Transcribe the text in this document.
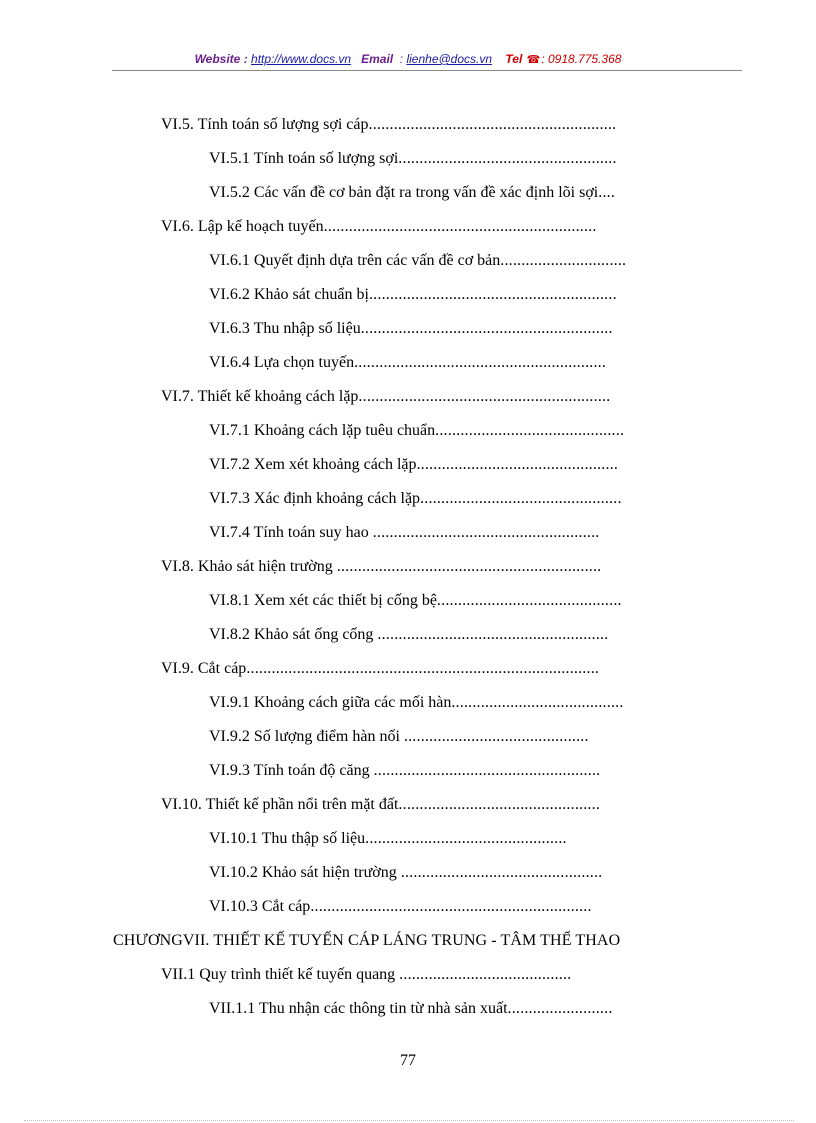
Website : http://www.docs.vn Email : lienhe@docs.vn Tel ☎: 0918.775.368
VI.5. Tính toán số lượng sợi cáp...........................................................
VI.5.1 Tính toán số lượng sợi....................................................
VI.5.2 Các vấn đề cơ bản đặt ra trong vấn đề xác định lõi sợi....
VI.6. Lập kế hoạch tuyến.................................................................
VI.6.1 Quyết định dựa trên các vấn đề cơ bản..............................
VI.6.2 Khảo sát chuẩn bị...........................................................
VI.6.3 Thu nhập số liệu............................................................
VI.6.4 Lựa chọn tuyến............................................................
VI.7. Thiết kế khoảng cách lặp............................................................
VI.7.1 Khoảng cách lặp tuêu chuẩn.............................................
VI.7.2 Xem xét khoảng cách lặp................................................
VI.7.3 Xác định khoảng cách lặp................................................
VI.7.4 Tính toán suy hao ......................................................
VI.8. Khảo sát hiện trường ...............................................................
VI.8.1 Xem xét các thiết bị cống bệ............................................
VI.8.2 Khảo sát ống cống .......................................................
VI.9. Cắt cáp....................................................................................
VI.9.1 Khoảng cách giữa các mối hàn.........................................
VI.9.2 Số lượng điểm hàn nối ............................................
VI.9.3 Tính toán độ căng ......................................................
VI.10. Thiết kế phần nổi trên mặt đất................................................
VI.10.1 Thu thập số liệu................................................
VI.10.2 Khảo sát hiện trường ................................................
VI.10.3 Cắt cáp...................................................................
CHƯƠNGVII. THIẾT KẾ TUYẾN CÁP LÁNG TRUNG - TÂM THỂ THAO
VII.1 Quy trình thiết kế tuyến quang .........................................
VII.1.1 Thu nhận các thông tin từ nhà sản xuất.........................
77
